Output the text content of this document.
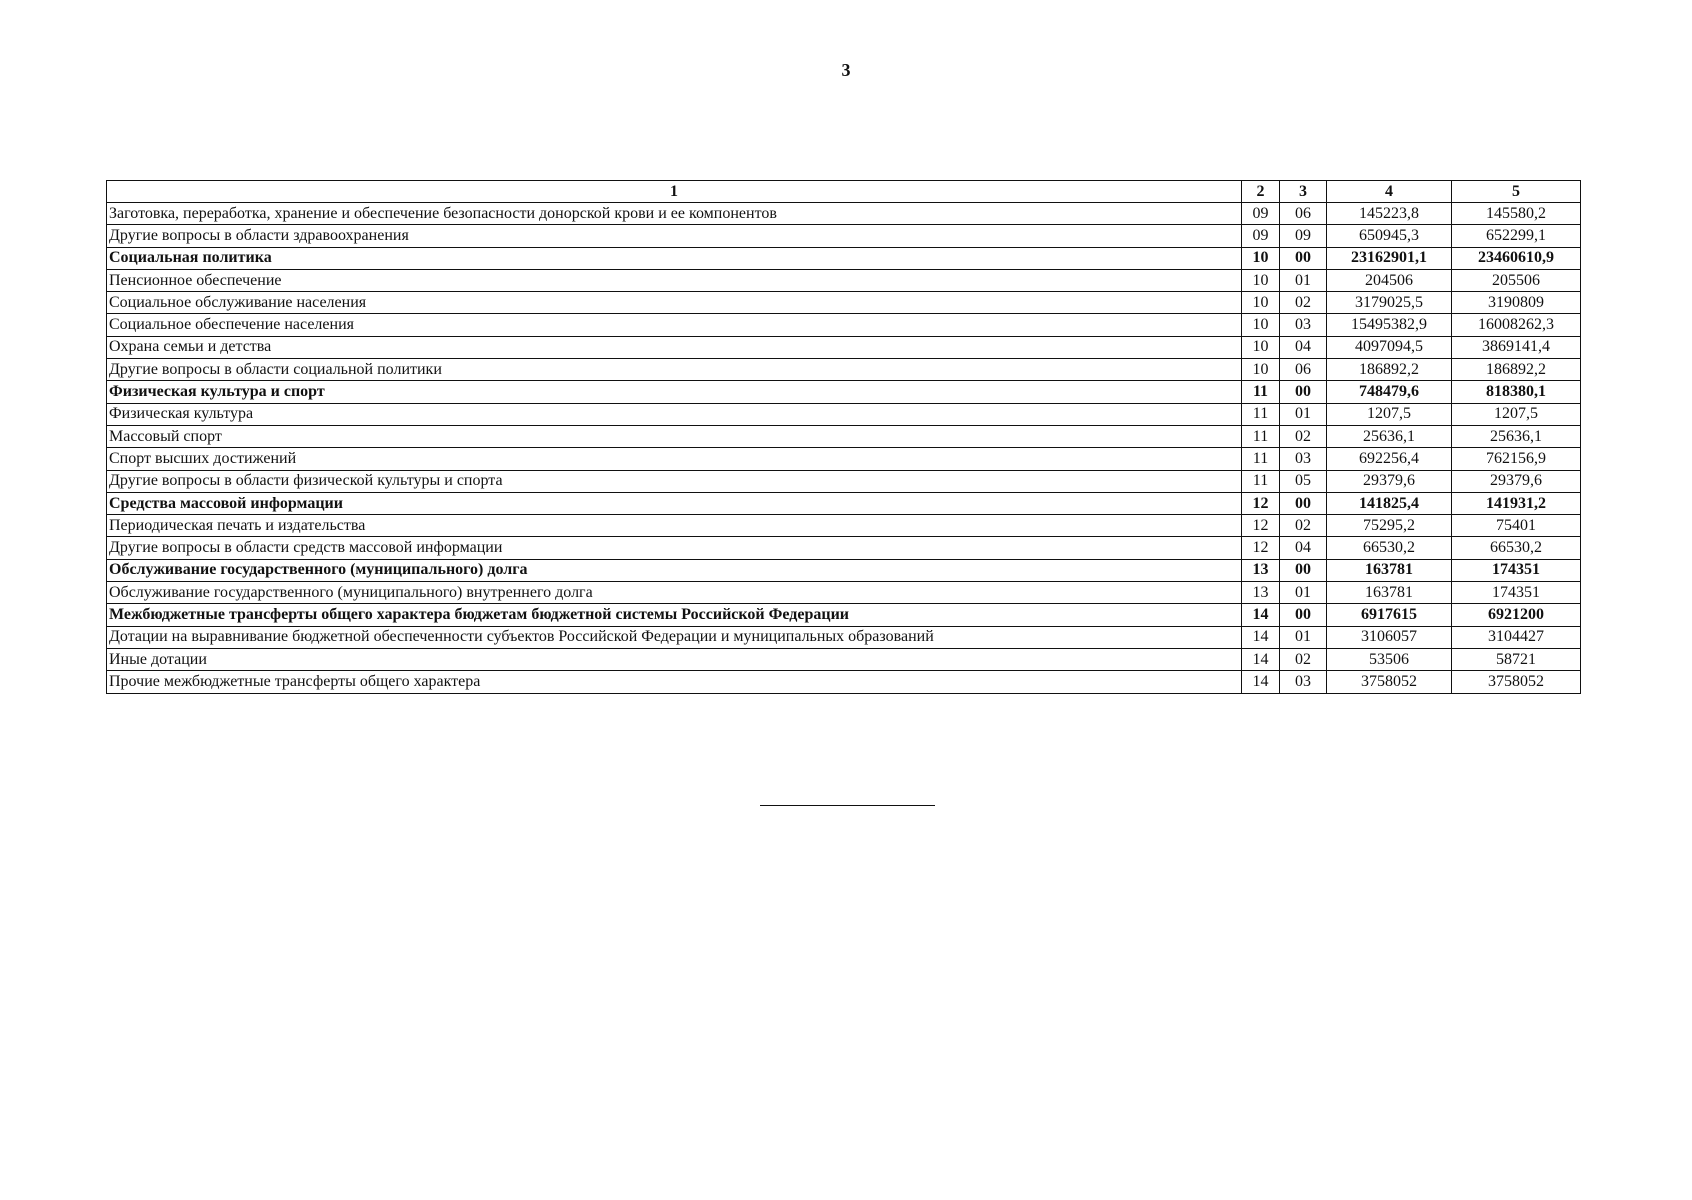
3
1	2	3	4	5
Заготовка, переработка, хранение и обеспечение безопасности донорской крови и ее компонентов	09	06	145223,8	145580,2
Другие вопросы в области здравоохранения	09	09	650945,3	652299,1
Социальная политика	10	00	23162901,1	23460610,9
Пенсионное обеспечение	10	01	204506	205506
Социальное обслуживание населения	10	02	3179025,5	3190809
Социальное обеспечение населения	10	03	15495382,9	16008262,3
Охрана семьи и детства	10	04	4097094,5	3869141,4
Другие вопросы в области социальной политики	10	06	186892,2	186892,2
Физическая культура и спорт	11	00	748479,6	818380,1
Физическая культура	11	01	1207,5	1207,5
Массовый спорт	11	02	25636,1	25636,1
Спорт высших достижений	11	03	692256,4	762156,9
Другие вопросы в области физической культуры и спорта	11	05	29379,6	29379,6
Средства массовой информации	12	00	141825,4	141931,2
Периодическая печать и издательства	12	02	75295,2	75401
Другие вопросы в области средств массовой информации	12	04	66530,2	66530,2
Обслуживание государственного (муниципального) долга	13	00	163781	174351
Обслуживание государственного (муниципального) внутреннего долга	13	01	163781	174351
Межбюджетные трансферты общего характера бюджетам бюджетной системы Российской Федерации	14	00	6917615	6921200
Дотации на выравнивание бюджетной обеспеченности субъектов Российской Федерации и муниципальных образований	14	01	3106057	3104427
Иные дотации	14	02	53506	58721
Прочие межбюджетные трансферты общего характера	14	03	3758052	3758052
